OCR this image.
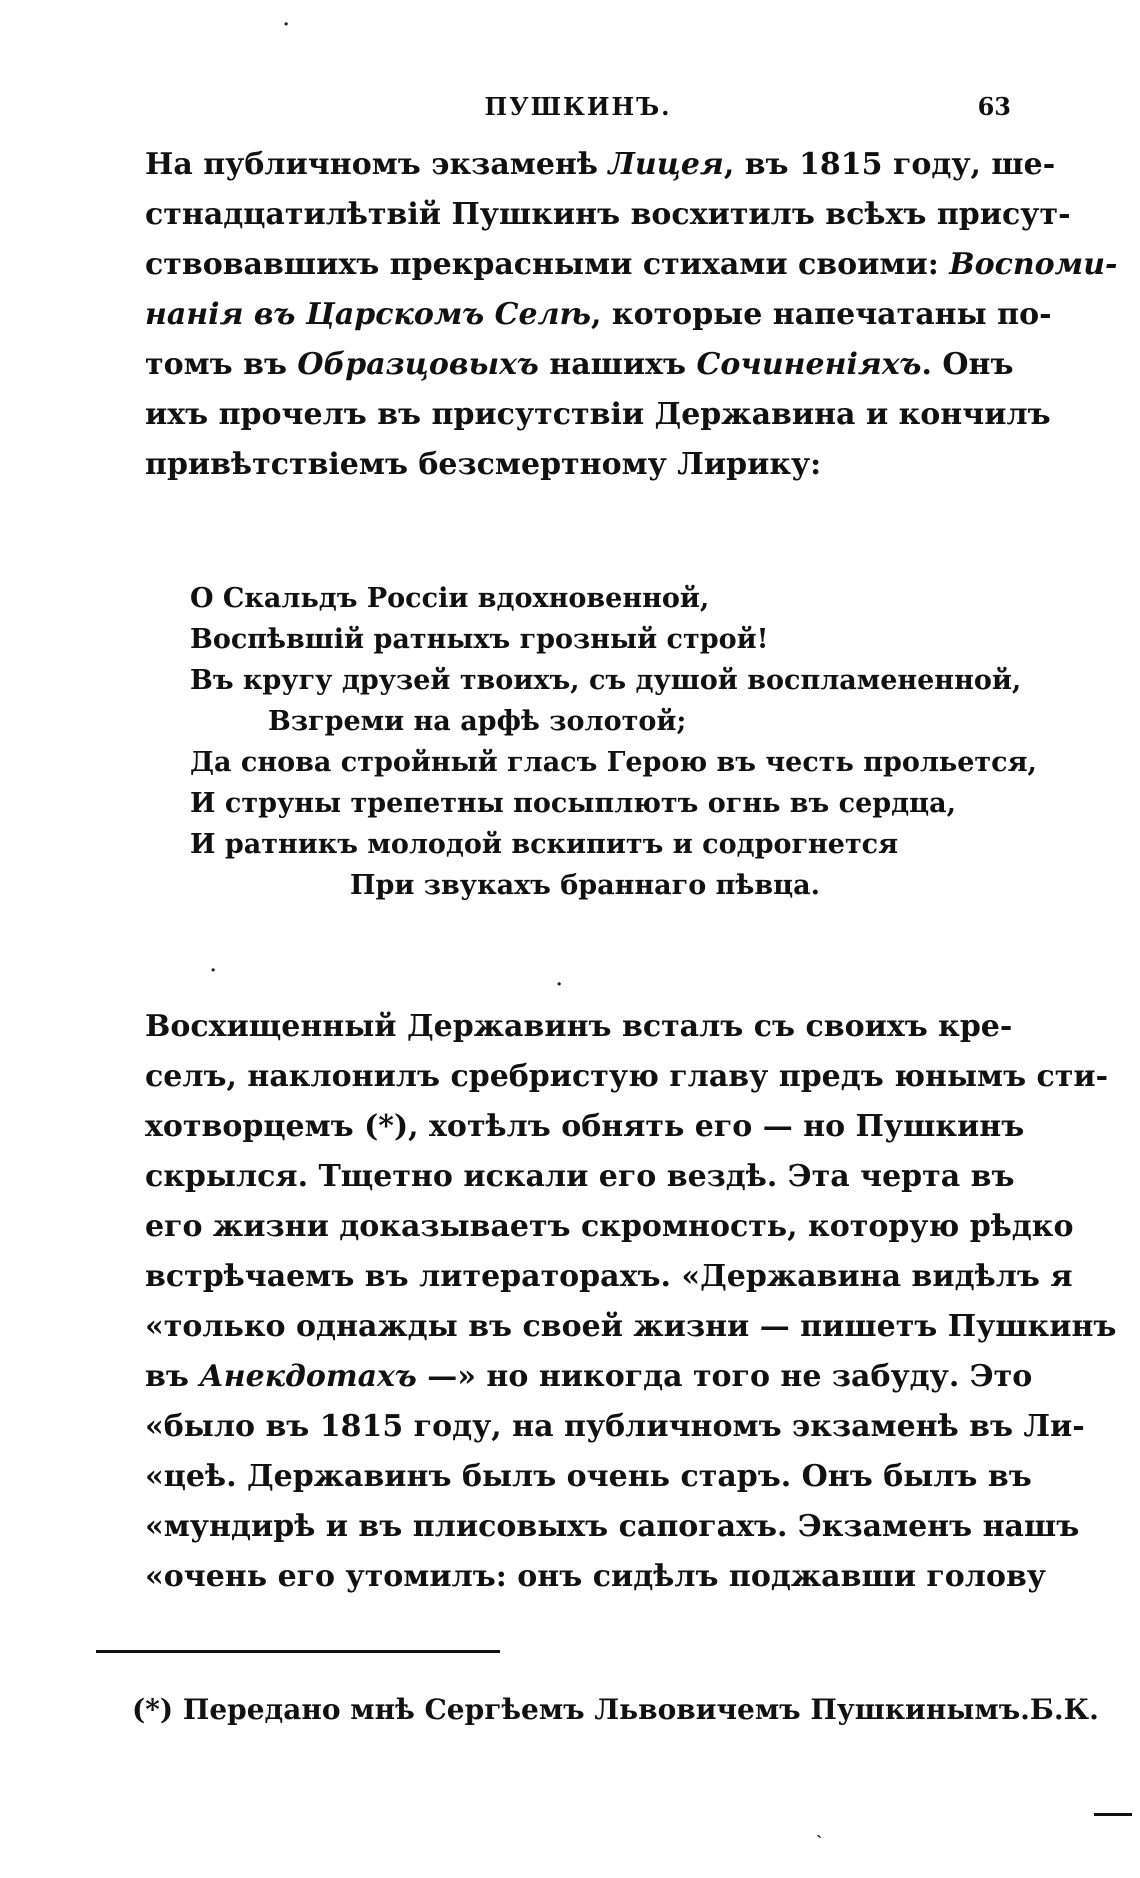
ПУШКИНЪ.	63
На публичномъ экзаменѣ Лицея, въ 1815 году, ше-
стнадцатилѣтвій Пушкинъ восхитилъ всѣхъ присут-
ствовавшихъ прекрасными стихами своими: Воспоми-
нанія въ Царскомъ Селѣ, которые напечатаны по-
томъ въ Образцовыхъ нашихъ Сочиненіяхъ. Онъ
ихъ прочелъ въ присутствіи Державина и кончилъ
привѣтствіемъ безсмертному Лирику:
О Скальдъ Россіи вдохновенной,
Воспѣвшій ратныхъ грозный строй!
Въ кругу друзей твоихъ, съ душой воспламененной,
Взгреми на арфѣ золотой;
Да снова стройный гласъ Герою въ честь прольется,
И струны трепетны посыплютъ огнь въ сердца,
И ратникъ молодой вскипитъ и содрогнется
При звукахъ браннаго пѣвца.
Восхищенный Державинъ всталъ съ своихъ кре-
селъ, наклонилъ сребристую главу предъ юнымъ сти-
хотворцемъ (*), хотѣлъ обнять его — но Пушкинъ
скрылся. Тщетно искали его вездѣ. Эта черта въ
его жизни доказываетъ скромность, которую рѣдко
встрѣчаемъ въ литераторахъ. «Державина видѣлъ я
«только однажды въ своей жизни — пишетъ Пушкинъ
въ Анекдотахъ —» но никогда того не забуду. Это
«было въ 1815 году, на публичномъ экзаменѣ въ Ли-
«цеѣ. Державинъ былъ очень старъ. Онъ былъ въ
«мундирѣ и въ плисовыхъ сапогахъ. Экзаменъ нашъ
«очень его утомилъ: онъ сидѣлъ поджавши голову
(*) Передано мнѣ Сергѣемъ Львовичемъ Пушкинымъ.Б.К.
·
·
·
ˎ
